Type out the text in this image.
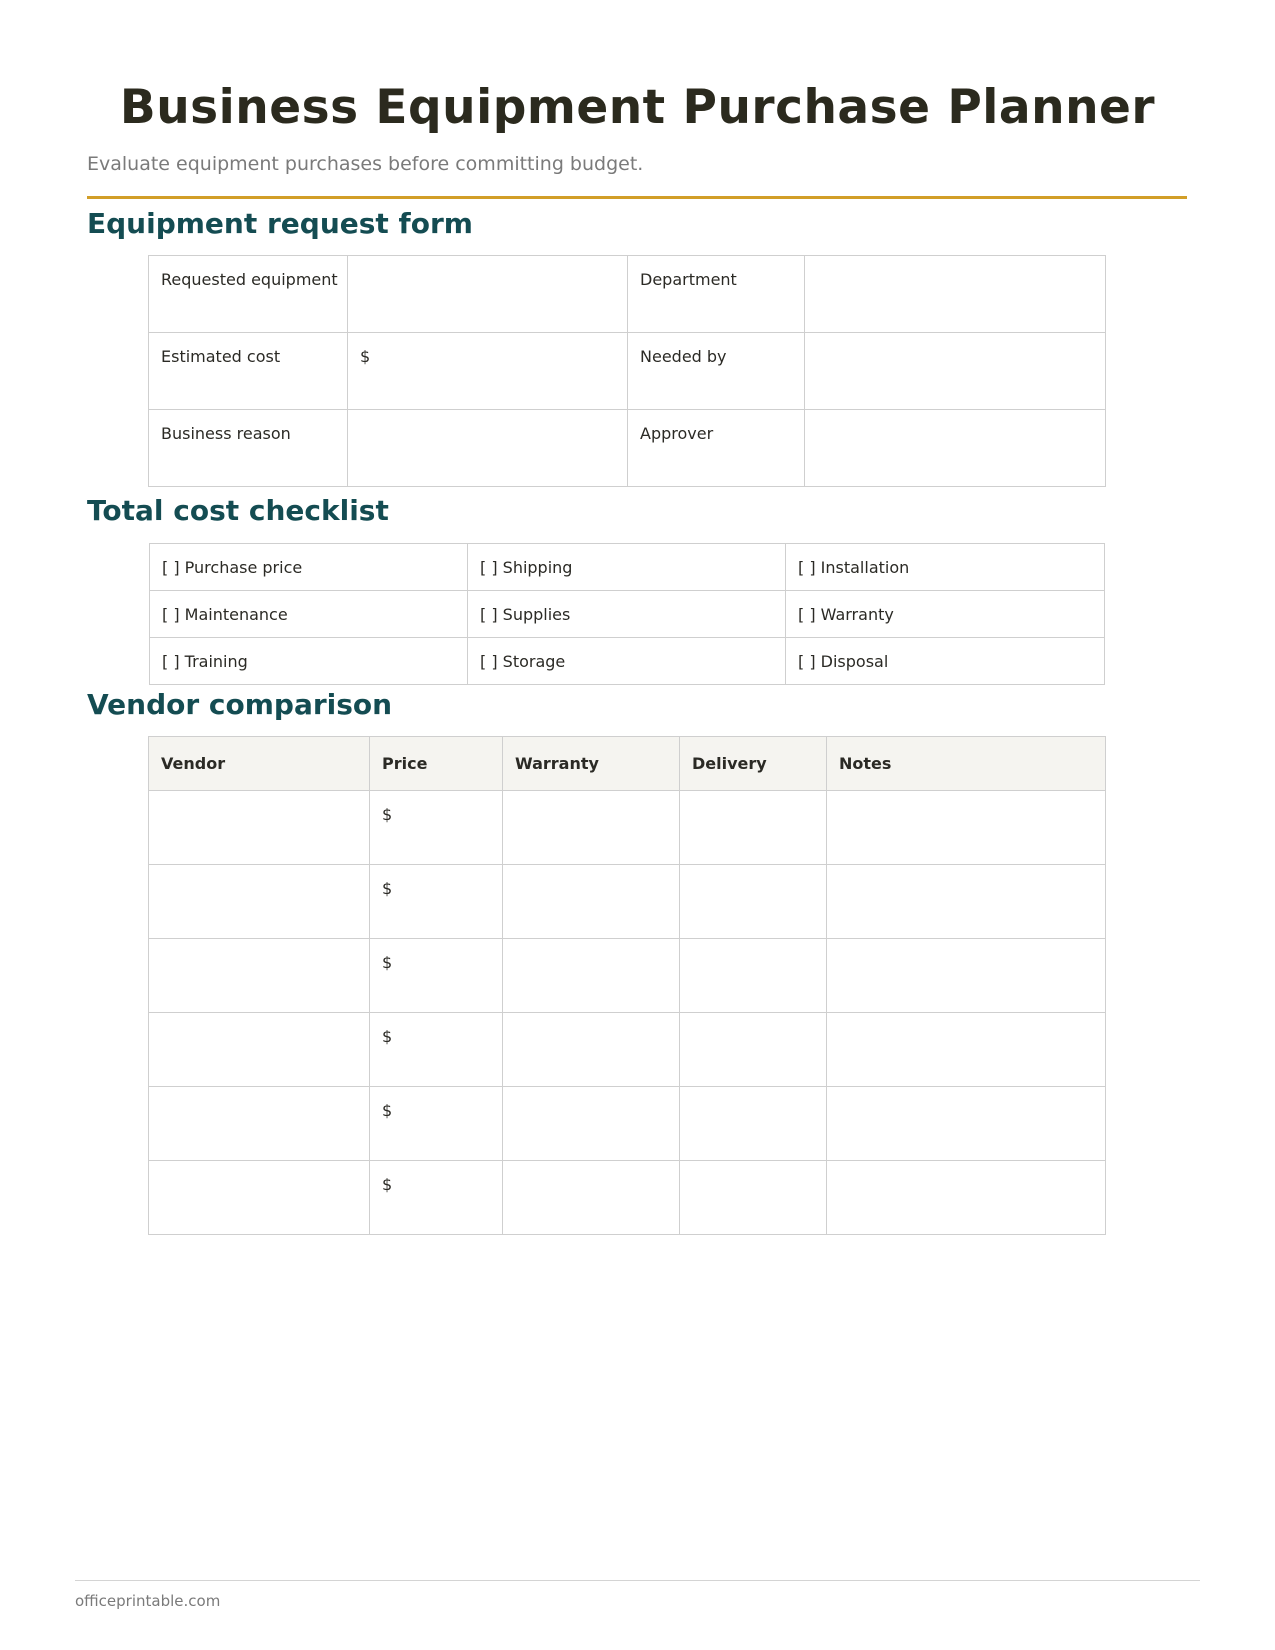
Business Equipment Purchase Planner

Evaluate equipment purchases before committing budget.

Equipment request form
Requested equipment		Department	
Estimated cost	$	Needed by	
Business reason		Approver	
Total cost checklist
[ ] Purchase price	[ ] Shipping	[ ] Installation
[ ] Maintenance	[ ] Supplies	[ ] Warranty
[ ] Training	[ ] Storage	[ ] Disposal
Vendor comparison
Vendor	Price	Warranty	Delivery	Notes
	$			
	$			
	$			
	$			
	$			
	$			
officeprintable.com
